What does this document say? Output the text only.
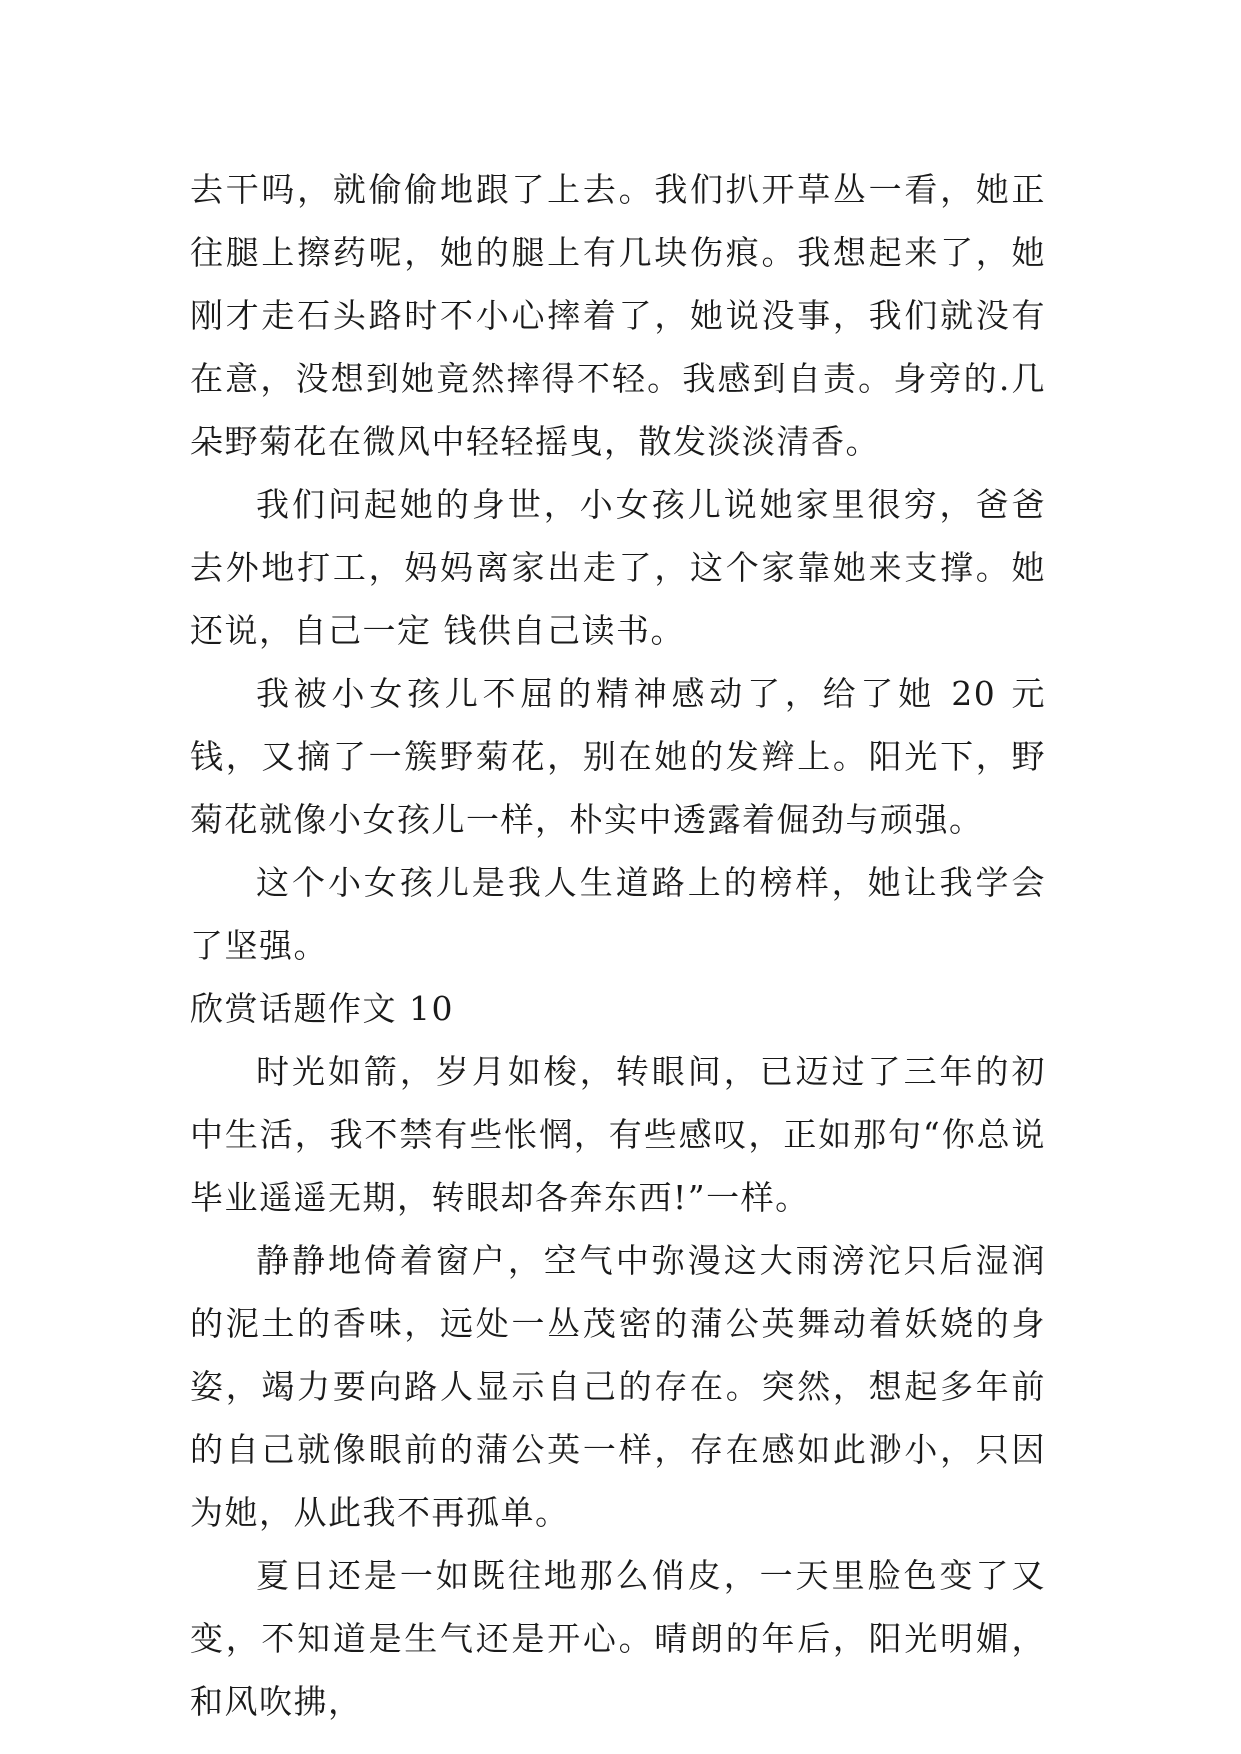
去干吗，就偷偷地跟了上去。我们扒开草丛一看，她正往腿上擦药呢，她的腿上有几块伤痕。我想起来了，她刚才走石头路时不小心摔着了，她说没事，我们就没有在意，没想到她竟然摔得不轻。我感到自责。身旁的.几朵野菊花在微风中轻轻摇曳，散发淡淡清香。

我们问起她的身世，小女孩儿说她家里很穷，爸爸去外地打工，妈妈离家出走了，这个家靠她来支撑。她还说，自己一定 钱供自己读书。

我被小女孩儿不屈的精神感动了，给了她 20 元钱，又摘了一簇野菊花，别在她的发辫上。阳光下，野菊花就像小女孩儿一样，朴实中透露着倔劲与顽强。

这个小女孩儿是我人生道路上的榜样，她让我学会了坚强。

欣赏话题作文 10

时光如箭，岁月如梭，转眼间，已迈过了三年的初中生活，我不禁有些怅惘，有些感叹，正如那句“你总说毕业遥遥无期，转眼却各奔东西!”一样。

静静地倚着窗户，空气中弥漫这大雨滂沱只后湿润的泥土的香味，远处一丛茂密的蒲公英舞动着妖娆的身姿，竭力要向路人显示自己的存在。突然，想起多年前的自己就像眼前的蒲公英一样，存在感如此渺小，只因为她，从此我不再孤单。

夏日还是一如既往地那么俏皮，一天里脸色变了又变，不知道是生气还是开心。晴朗的年后，阳光明媚，和风吹拂，
